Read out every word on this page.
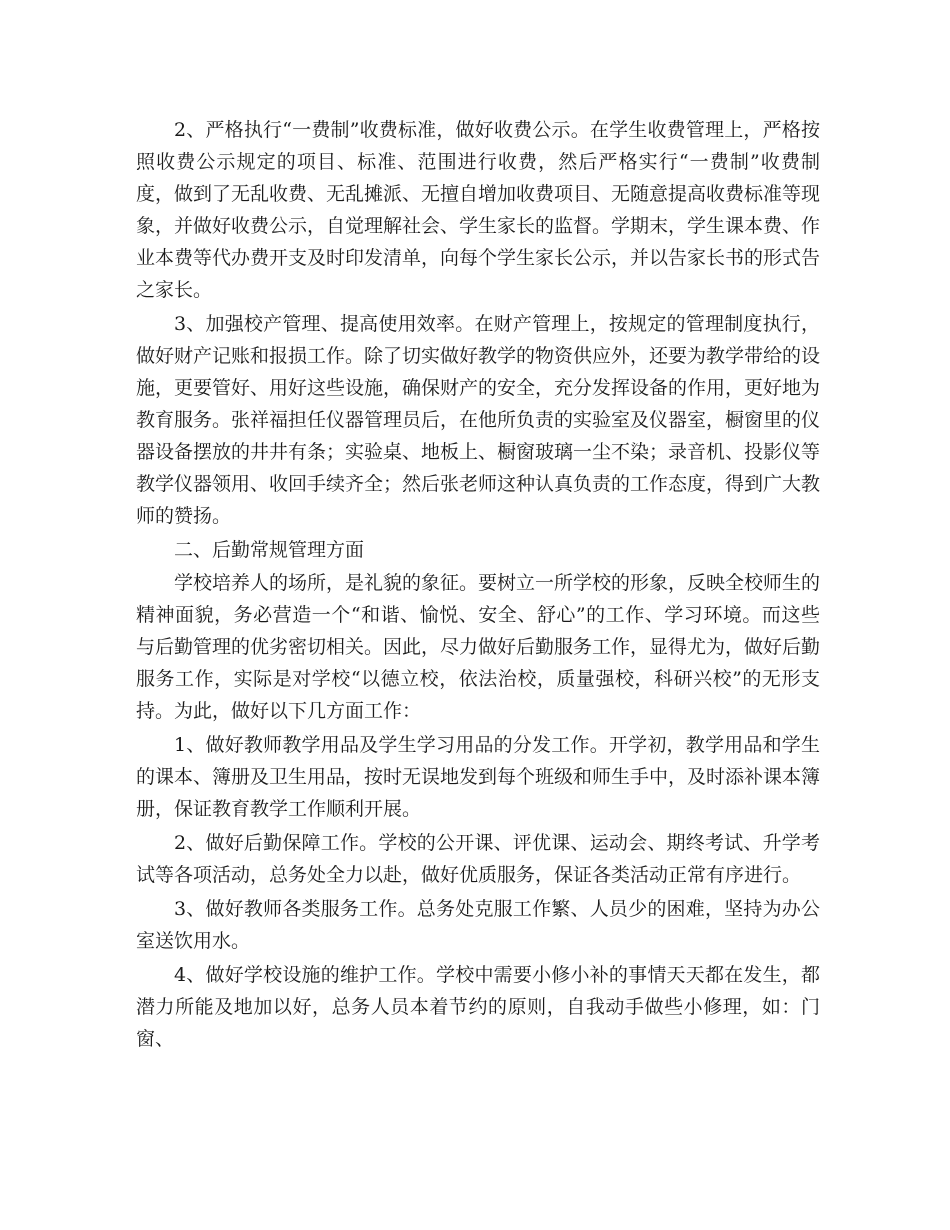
2、严格执行“一费制”收费标准，做好收费公示。在学生收费管理上，严格按照收费公示规定的项目、标准、范围进行收费，然后严格实行“一费制”收费制度，做到了无乱收费、无乱摊派、无擅自增加收费项目、无随意提高收费标准等现象，并做好收费公示，自觉理解社会、学生家长的监督。学期末，学生课本费、作业本费等代办费开支及时印发清单，向每个学生家长公示，并以告家长书的形式告之家长。

3、加强校产管理、提高使用效率。在财产管理上，按规定的管理制度执行，做好财产记账和报损工作。除了切实做好教学的物资供应外，还要为教学带给的设施，更要管好、用好这些设施，确保财产的安全，充分发挥设备的作用，更好地为教育服务。张祥福担任仪器管理员后，在他所负责的实验室及仪器室，橱窗里的仪器设备摆放的井井有条；实验桌、地板上、橱窗玻璃一尘不染；录音机、投影仪等教学仪器领用、收回手续齐全；然后张老师这种认真负责的工作态度，得到广大教师的赞扬。

二、后勤常规管理方面

学校培养人的场所，是礼貌的象征。要树立一所学校的形象，反映全校师生的精神面貌，务必营造一个“和谐、愉悦、安全、舒心”的工作、学习环境。而这些与后勤管理的优劣密切相关。因此，尽力做好后勤服务工作，显得尤为，做好后勤服务工作，实际是对学校“以德立校，依法治校，质量强校，科研兴校”的无形支持。为此，做好以下几方面工作：

1、做好教师教学用品及学生学习用品的分发工作。开学初，教学用品和学生的课本、簿册及卫生用品，按时无误地发到每个班级和师生手中，及时添补课本簿册，保证教育教学工作顺利开展。

2、做好后勤保障工作。学校的公开课、评优课、运动会、期终考试、升学考试等各项活动，总务处全力以赴，做好优质服务，保证各类活动正常有序进行。

3、做好教师各类服务工作。总务处克服工作繁、人员少的困难，坚持为办公室送饮用水。

4、做好学校设施的维护工作。学校中需要小修小补的事情天天都在发生，都潜力所能及地加以好，总务人员本着节约的原则，自我动手做些小修理，如：门窗、
